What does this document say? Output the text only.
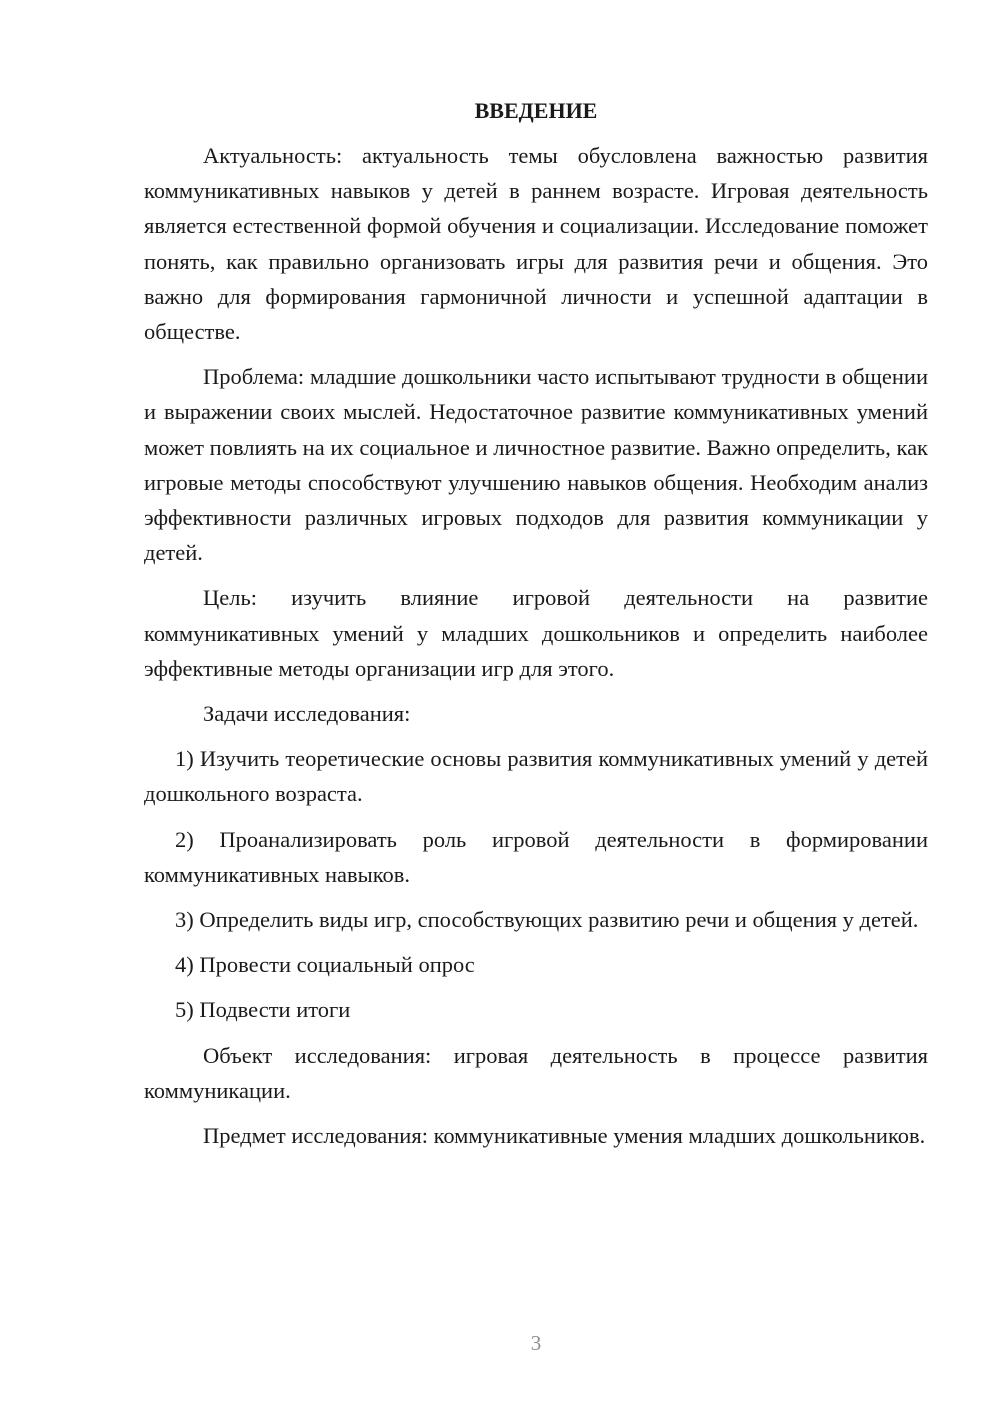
ВВЕДЕНИЕ

Актуальность: актуальность темы обусловлена важностью развития коммуникативных навыков у детей в раннем возрасте. Игровая деятельность является естественной формой обучения и социализации. Исследование поможет понять, как правильно организовать игры для развития речи и общения. Это важно для формирования гармоничной личности и успешной адаптации в обществе.

Проблема: младшие дошкольники часто испытывают трудности в общении и выражении своих мыслей. Недостаточное развитие коммуникативных умений может повлиять на их социальное и личностное развитие. Важно определить, как игровые методы способствуют улучшению навыков общения. Необходим анализ эффективности различных игровых подходов для развития коммуникации у детей.

Цель: изучить влияние игровой деятельности на развитие коммуникативных умений у младших дошкольников и определить наиболее эффективные методы организации игр для этого.

Задачи исследования:

1) Изучить теоретические основы развития коммуникативных умений у детей дошкольного возраста.

2) Проанализировать роль игровой деятельности в формировании коммуникативных навыков.

3) Определить виды игр, способствующих развитию речи и общения у детей.

4) Провести социальный опрос

5) Подвести итоги

Объект исследования: игровая деятельность в процессе развития коммуникации.

Предмет исследования: коммуникативные умения младших дошкольников.

3
